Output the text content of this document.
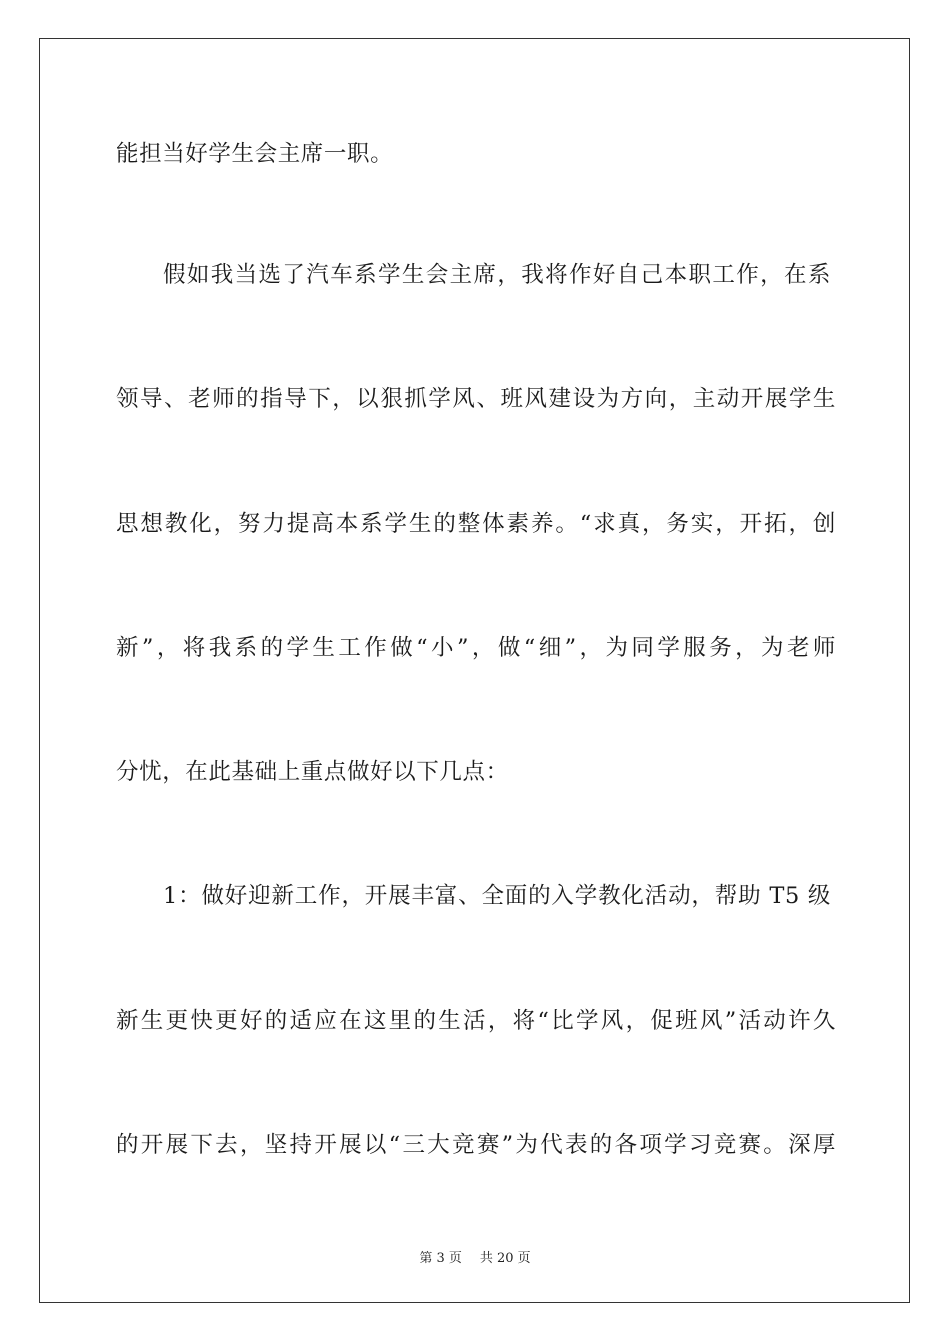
能担当好学生会主席一职。
假如我当选了汽车系学生会主席，我将作好自己本职工作，在系
领导、老师的指导下，以狠抓学风、班风建设为方向，主动开展学生
思想教化，努力提高本系学生的整体素养。“求真，务实，开拓，创
新”，将我系的学生工作做“小”，做“细”，为同学服务，为老师
分忧，在此基础上重点做好以下几点：
1：做好迎新工作，开展丰富、全面的入学教化活动，帮助 T5 级
新生更快更好的适应在这里的生活，将“比学风，促班风”活动许久
的开展下去，坚持开展以“三大竞赛”为代表的各项学习竞赛。深厚
第 3 页 共 20 页
